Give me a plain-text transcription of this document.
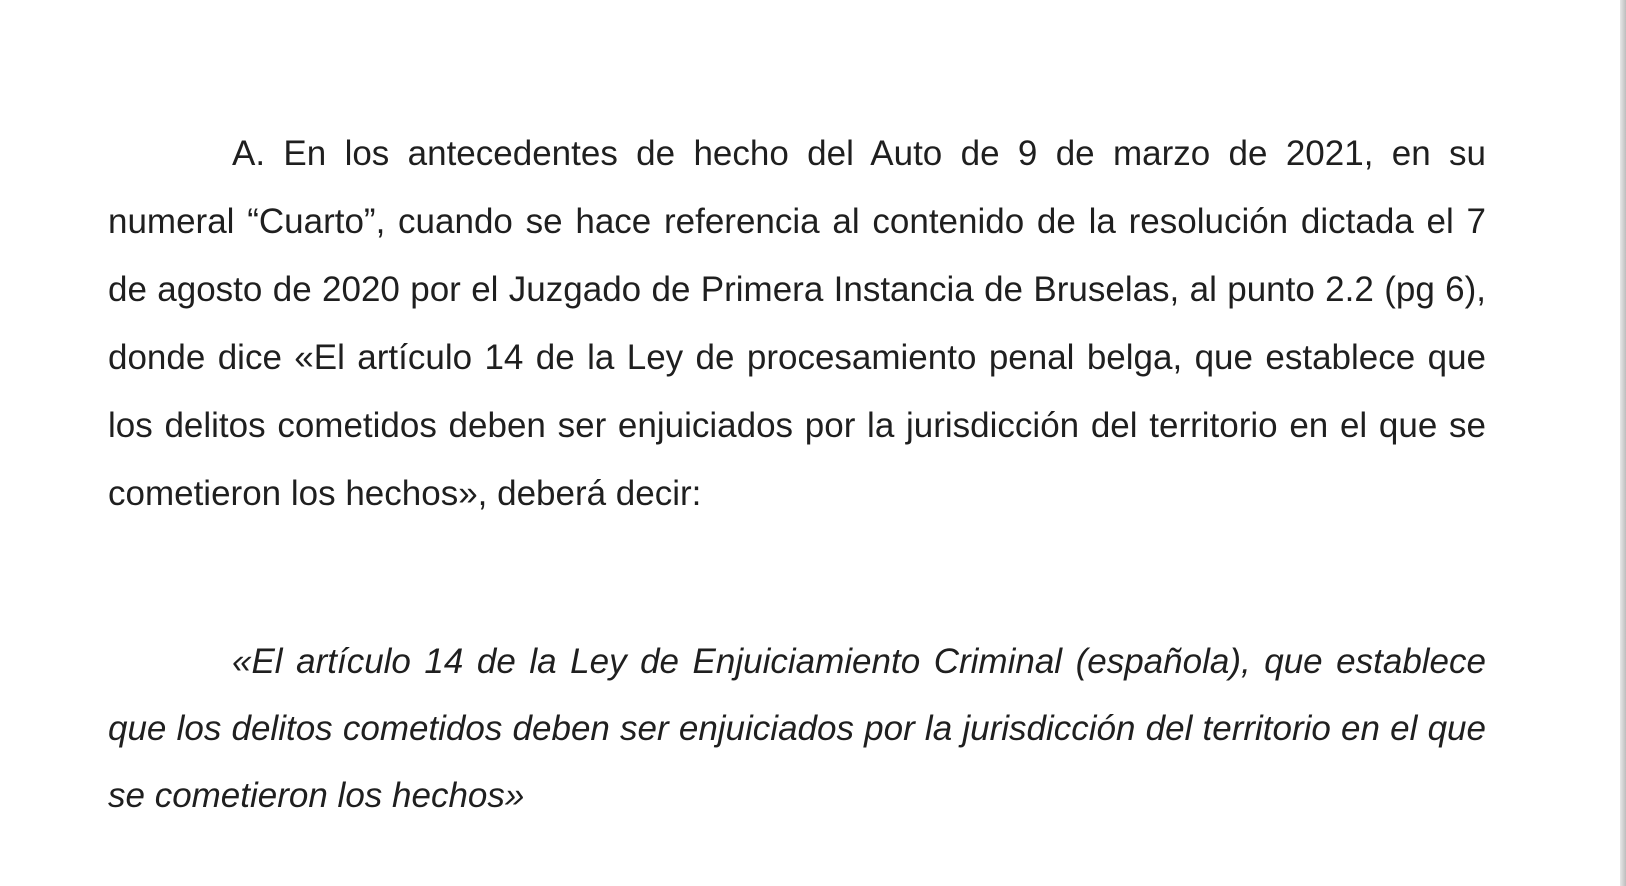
A. En los antecedentes de hecho del Auto de 9 de marzo de 2021, en su numeral “Cuarto”, cuando se hace referencia al contenido de la resolución dictada el 7 de agosto de 2020 por el Juzgado de Primera Instancia de Bruselas, al punto 2.2 (pg 6), donde dice «El artículo 14 de la Ley de procesamiento penal belga, que establece que los delitos cometidos deben ser enjuiciados por la jurisdicción del territorio en el que se cometieron los hechos», deberá decir:

«El artículo 14 de la Ley de Enjuiciamiento Criminal (española), que establece que los delitos cometidos deben ser enjuiciados por la jurisdicción del territorio en el que se cometieron los hechos»
